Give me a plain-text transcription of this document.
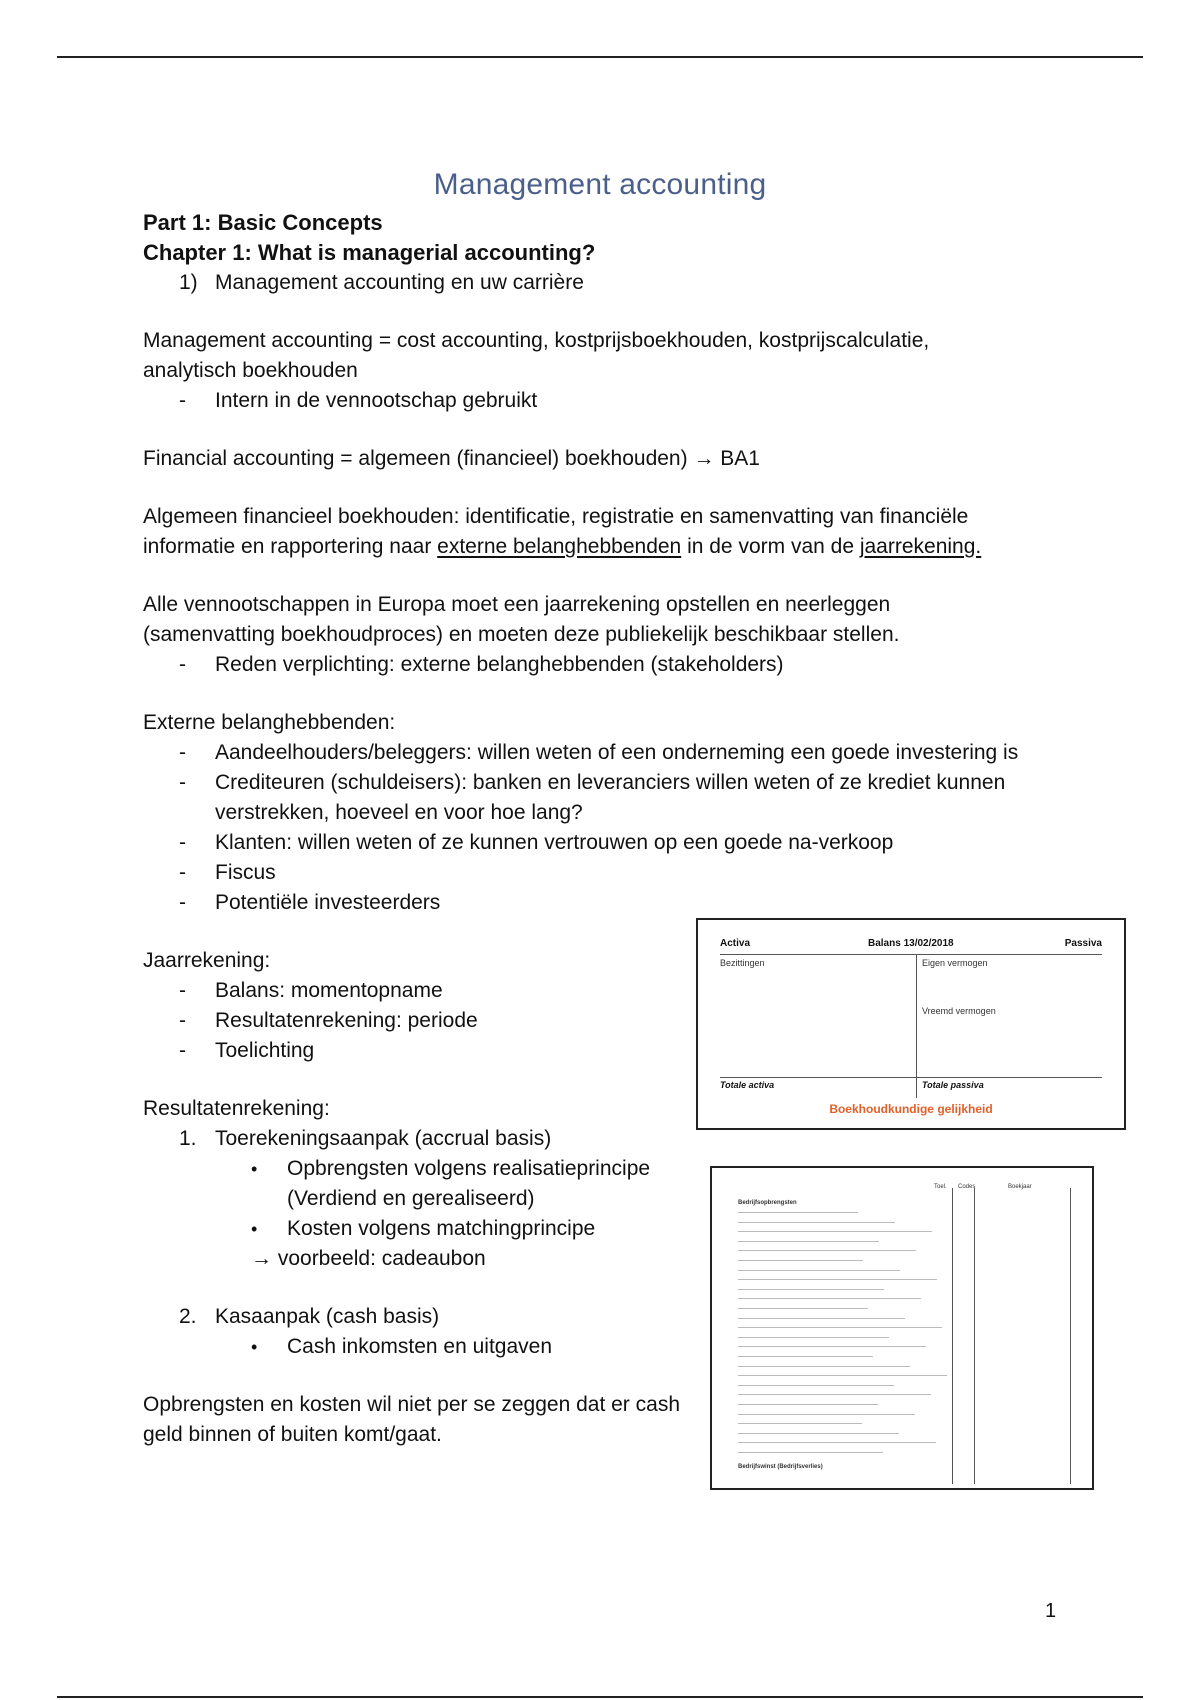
Management accounting

Part 1: Basic Concepts

Chapter 1: What is managerial accounting?

1) Management accounting en uw carrière

Management accounting = cost accounting, kostprijsboekhouden, kostprijscalculatie, analytisch boekhouden

- Intern in de vennootschap gebruikt

Financial accounting = algemeen (financieel) boekhouden) → BA1

Algemeen financieel boekhouden: identificatie, registratie en samenvatting van financiële informatie en rapportering naar externe belanghebbenden in de vorm van de jaarrekening.

Alle vennootschappen in Europa moet een jaarrekening opstellen en neerleggen (samenvatting boekhoudproces) en moeten deze publiekelijk beschikbaar stellen.

- Reden verplichting: externe belanghebbenden (stakeholders)

Externe belanghebbenden:

- Aandeelhouders/beleggers: willen weten of een onderneming een goede investering is

- Crediteuren (schuldeisers): banken en leveranciers willen weten of ze krediet kunnen verstrekken, hoeveel en voor hoe lang?

- Klanten: willen weten of ze kunnen vertrouwen op een goede na-verkoop

- Fiscus

- Potentiële investeerders

Jaarrekening:

- Balans: momentopname

- Resultatenrekening: periode

- Toelichting

Resultatenrekening:

1. Toerekeningsaanpak (accrual basis)

• Opbrengsten volgens realisatieprincipe (Verdiend en gerealiseerd)

• Kosten volgens matchingprincipe

→ voorbeeld: cadeaubon

2. Kasaanpak (cash basis)

• Cash inkomsten en uitgaven

Opbrengsten en kosten wil niet per se zeggen dat er cash geld binnen of buiten komt/gaat.

Activa	Balans 13/02/2018	Passiva
Bezittingen	Eigen vermogen
Vreemd vermogen
Totale activa	Totale passiva
Boekhoudkundige gelijkheid
Toel. Codes	Boekjaar
Bedrijfsopbrengsten
Bedrijfswinst (Bedrijfsverlies)
1
